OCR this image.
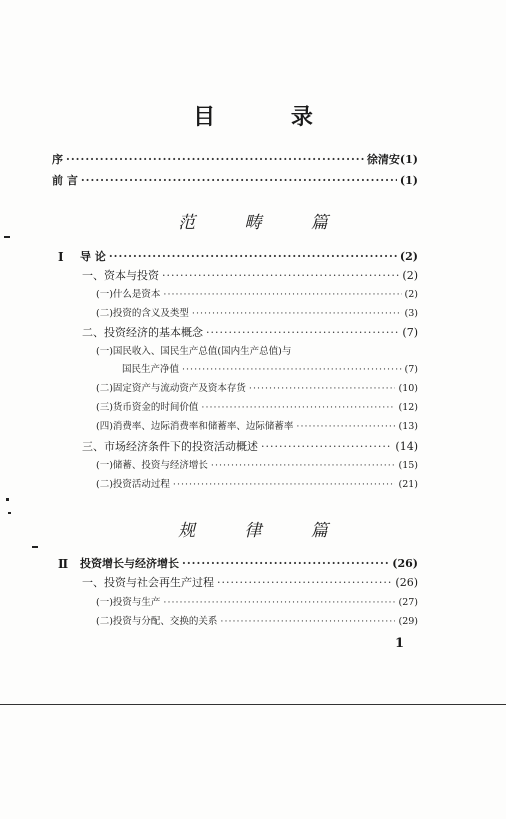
目 录
序 ·····	徐清安 (1)
前 言 ·····	(1)
范 畴 篇
I 导 论 ·····	(2)
一、资本与投资 ·····	(2)
(一)什么是资本 ·····	(2)
(二)投资的含义及类型 ·····	(3)
二、投资经济的基本概念 ·····	(7)
(一)国民收入、国民生产总值(国内生产总值)与
国民生产净值 ·····	(7)
(二)固定资产与流动资产及资本存货 ·····	(10)
(三)货币资金的时间价值 ·····	(12)
(四)消费率、边际消费率和储蓄率、边际储蓄率 ·····	(13)
三、市场经济条件下的投资活动概述 ·····	(14)
(一)储蓄、投资与经济增长 ·····	(15)
(二)投资活动过程 ·····	(21)
规 律 篇
Ⅱ 投资增长与经济增长 ·····	(26)
一、投资与社会再生产过程 ·····	(26)
(一)投资与生产 ·····	(27)
(二)投资与分配、交换的关系 ·····	(29)
1
